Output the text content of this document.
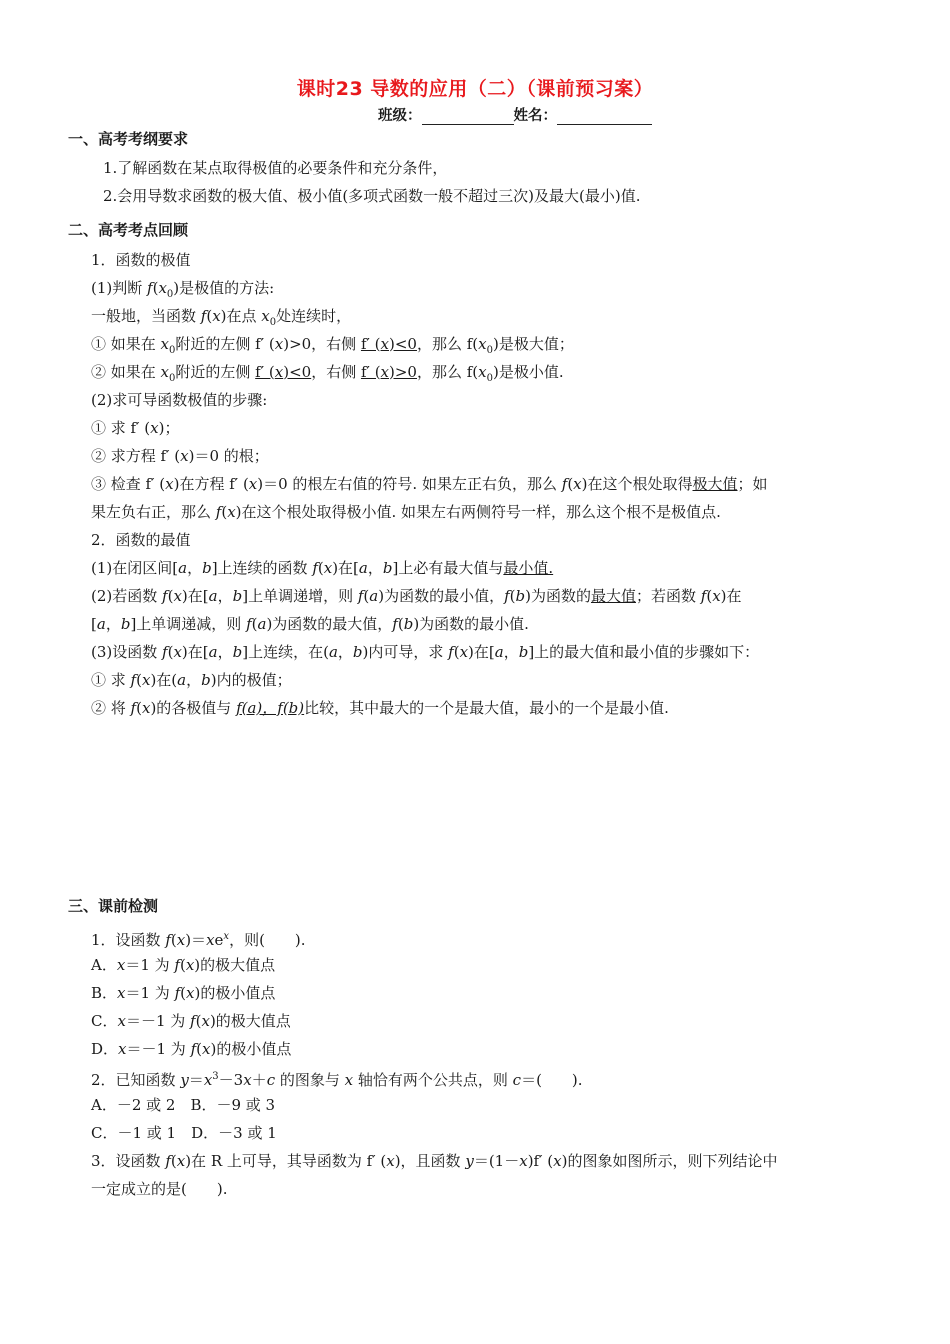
课时23 导数的应用（二）（课前预习案）
班级：	姓名：
一、高考考纲要求
1.了解函数在某点取得极值的必要条件和充分条件，
2.会用导数求函数的极大值、极小值(多项式函数一般不超过三次)及最大(最小)值.
二、高考考点回顾
1．函数的极值
(1)判断 $f(x_0)$是极值的方法:
一般地，当函数 f(x)在点 $x_0$处连续时，
① 如果在 $x_0$附近的左侧 f′ (x)>0，右侧 f′ (x)<0，那么 $f(x_0)$是极大值；
② 如果在 $x_0$附近的左侧 f′ (x)<0，右侧 f′ (x)>0，那么 $f(x_0)$是极小值.
(2)求可导函数极值的步骤:
① 求 f′ (x)；
② 求方程 f′ (x)＝0 的根；
③ 检查 f′ (x)在方程 f′ (x)＝0 的根左右值的符号. 如果左正右负，那么 f(x)在这个根处取得极大值；如
果左负右正，那么 f(x)在这个根处取得极小值. 如果左右两侧符号一样，那么这个根不是极值点.
2．函数的最值
(1)在闭区间[a，b]上连续的函数 f(x)在[a，b]上必有最大值与最小值.
(2)若函数 f(x)在[a，b]上单调递增，则 f(a)为函数的最小值，f(b)为函数的最大值；若函数 f(x)在
[a，b]上单调递减，则 f(a)为函数的最大值，f(b)为函数的最小值.
(3)设函数 f(x)在[a，b]上连续，在(a，b)内可导，求 f(x)在[a，b]上的最大值和最小值的步骤如下：
① 求 f(x)在(a，b)内的极值；
② 将 f(x)的各极值与 f(a)，f(b)比较，其中最大的一个是最大值，最小的一个是最小值.
三、课前检测
1．设函数 $f(x)=xe^x$，则(　　).
A．x＝1 为 f(x)的极大值点
B．x＝1 为 f(x)的极小值点
C．x＝－1 为 f(x)的极大值点
D．x＝－1 为 f(x)的极小值点
2．已知函数 $y=x^3-3x+c$ 的图象与 x 轴恰有两个公共点，则 c＝(　　).
A．－2 或 2　B．－9 或 3
C．－1 或 1　D．－3 或 1
3．设函数 f(x)在 R 上可导，其导函数为 f′ (x)，且函数 y＝(1－x)f′ (x)的图象如图所示，则下列结论中
一定成立的是(　　).
